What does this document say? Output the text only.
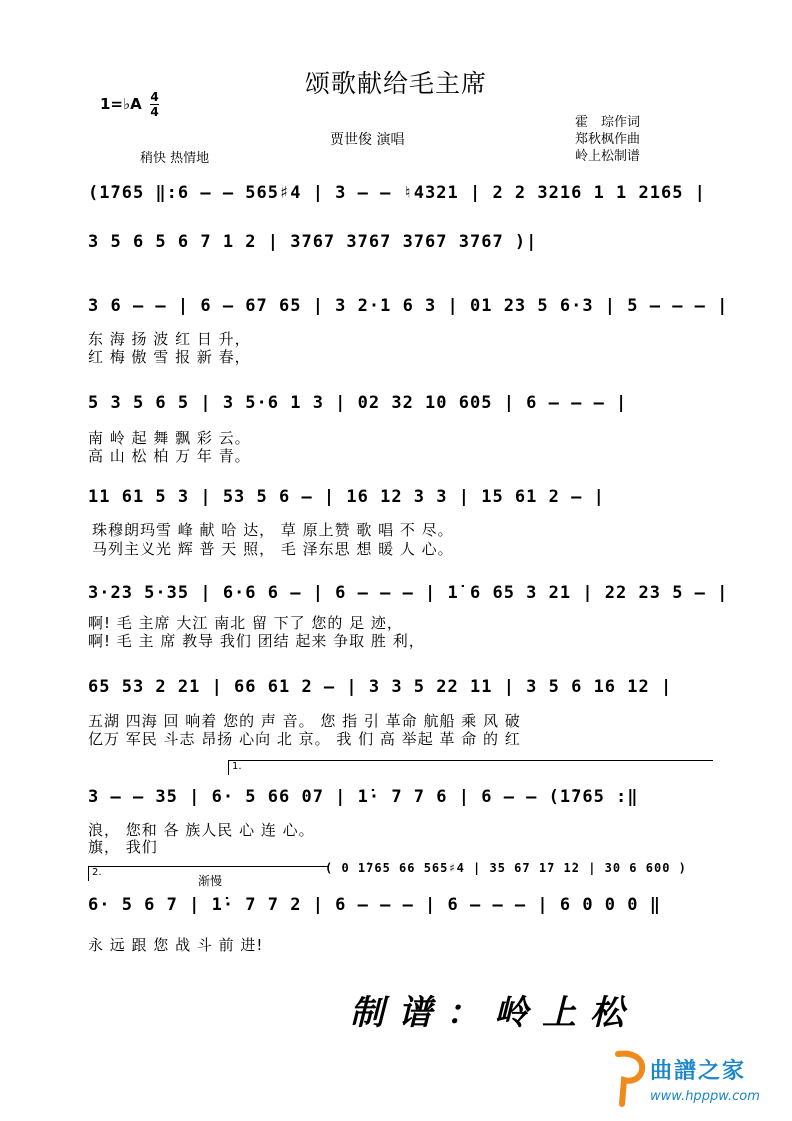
颂歌献给毛主席
1=♭A 4
4
贾世俊 演唱
霍　琮作词
郑秋枫作曲
岭上松制谱
稍快 热情地
(1̇765 ‖:6 – – 565♯4 | 3 – – ♮4321 | 2 2 3216 1 1 2165 |
3 5 6 5 6 7 1 2 | 3767 3767 3767 3767 )|
3 6 – – | 6 – 67 65 | 3 2·1 6 3 | 01 23 5 6·3 | 5 – – – |
东 海 扬 波 红 日 升，
红 梅 傲 雪 报 新 春，
5 3 5 6 5 | 3 5·6 1 3 | 02 32 10 605 | 6 – – – |
南 岭 起 舞 飘 彩 云。
高 山 松 柏 万 年 青。
11 61 5 3 | 53 5 6 – | 16 12 3 3 | 15 61 2 – |
珠穆朗玛雪 峰 献 哈 达， 草 原上赞 歌 唱 不 尽。
马列主义光 辉 普 天 照， 毛 泽东思 想 暖 人 心。
3·23 5·35 | 6·6 6 – | 6 – – – | 1̇ 6 65 3 21 | 22 23 5 – |
啊! 毛 主席 大江 南北 留 下了 您的 足 迹，
啊! 毛 主 席 教导 我们 团结 起来 争取 胜 利，
65 53 2 21 | 66 61 2 – | 3 3 5 22 11 | 3 5 6 16 12 |
五湖 四海 回 响着 您的 声 音。 您 指 引 革命 航船 乘 风 破
亿万 军民 斗志 昂扬 心向 北 京。 我 们 高 举起 革 命 的 红
1.
3 – – 35 | 6· 5 66 07 | 1̇· 7 7 6 | 6 – – (1̇765 :‖
浪， 您和 各 族人民 心 连 心。
旗， 我们
2.
渐慢
( 0 1̇765 66 565♯4 | 35 67 1̇7 1̇2 | 30 6 600 )
6· 5 6 7 | 1̇· 7 7 2 | 6 – – – | 6 – – – | 6 0 0 0 ‖
永 远 跟 您 战 斗 前 进!
制谱：岭上松
曲譜之家
www.hpppw.com
